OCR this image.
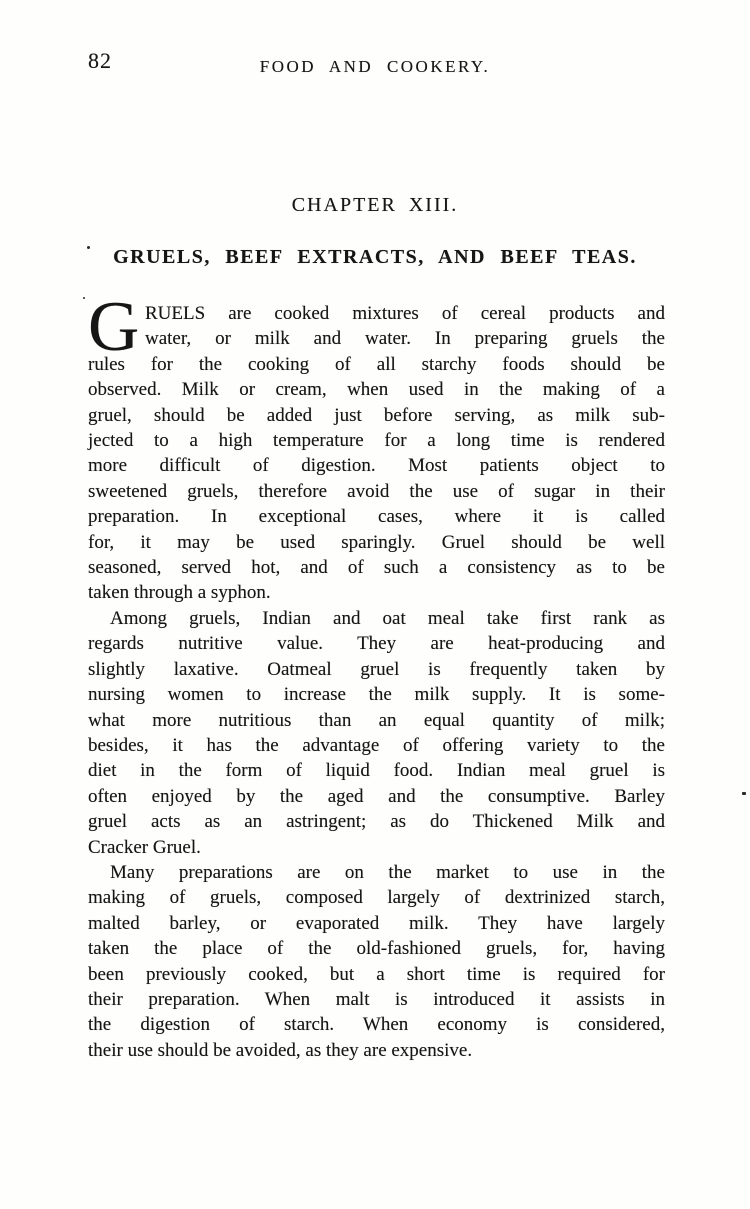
82	FOOD AND COOKERY.
CHAPTER XIII.
GRUELS, BEEF EXTRACTS, AND BEEF TEAS.
G RUELS are cooked mixtures of cereal products and
water, or milk and water. In preparing gruels the
rules for the cooking of all starchy foods should be
observed. Milk or cream, when used in the making of a
gruel, should be added just before serving, as milk sub-
jected to a high temperature for a long time is rendered
more difficult of digestion. Most patients object to
sweetened gruels, therefore avoid the use of sugar in their
preparation. In exceptional cases, where it is called
for, it may be used sparingly. Gruel should be well
seasoned, served hot, and of such a consistency as to be
taken through a syphon.
Among gruels, Indian and oat meal take first rank as
regards nutritive value. They are heat-producing and
slightly laxative. Oatmeal gruel is frequently taken by
nursing women to increase the milk supply. It is some-
what more nutritious than an equal quantity of milk;
besides, it has the advantage of offering variety to the
diet in the form of liquid food. Indian meal gruel is
often enjoyed by the aged and the consumptive. Barley
gruel acts as an astringent; as do Thickened Milk and
Cracker Gruel.
Many preparations are on the market to use in the
making of gruels, composed largely of dextrinized starch,
malted barley, or evaporated milk. They have largely
taken the place of the old-fashioned gruels, for, having
been previously cooked, but a short time is required for
their preparation. When malt is introduced it assists in
the digestion of starch. When economy is considered,
their use should be avoided, as they are expensive.
